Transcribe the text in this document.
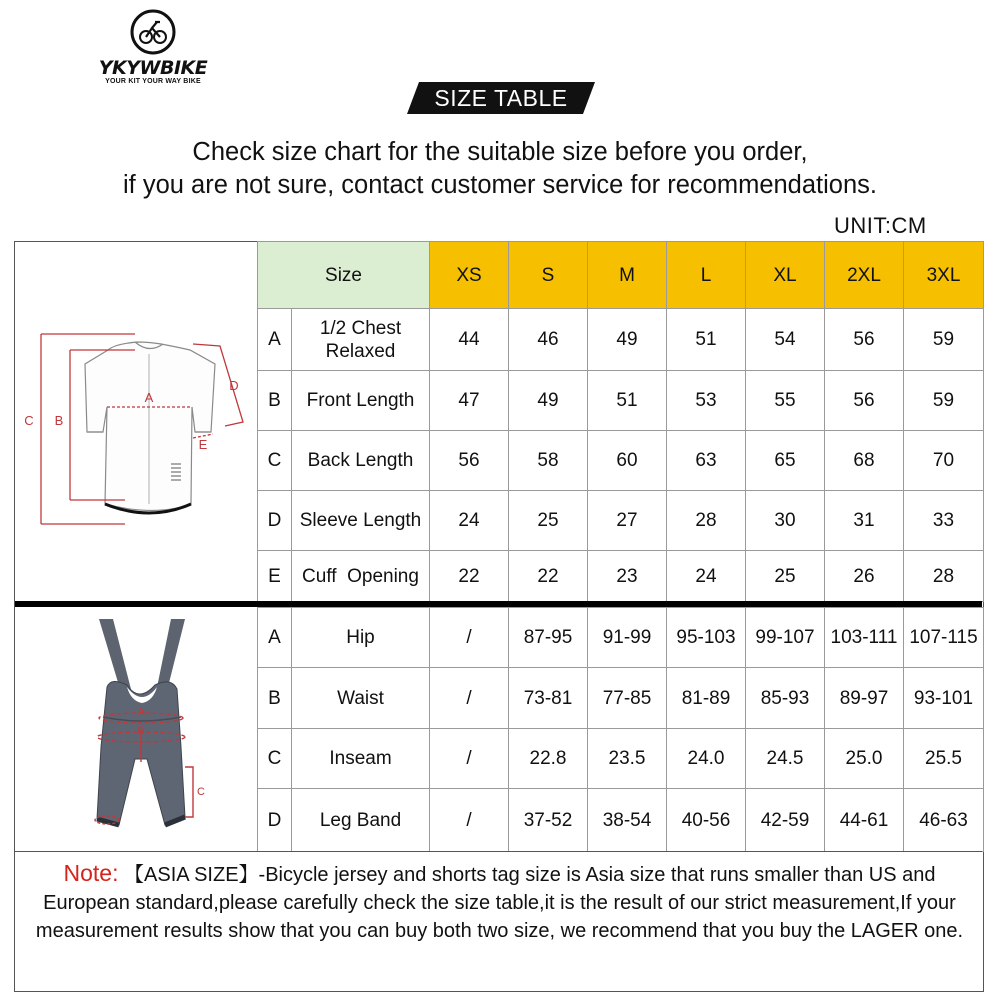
YKYWBIKE
YOUR KIT YOUR WAY BIKE
SIZE TABLE
Check size chart for the suitable size before you order,
if you are not sure, contact customer service for recommendations.
UNIT:CM
A
B
C
D
E
Size		XS	S	M	L	XL	2XL	3XL
A	1/2 Chest Relaxed	44	46	49	51	54	56	59
B	Front Length	47	49	51	53	55	56	59
C	Back Length	56	58	60	63	65	68	70
D	Sleeve Length	24	25	27	28	30	31	33
E	Cuff  Opening	22	22	23	24	25	26	28
A
B
C
A	Hip	/	87-95	91-99	95-103	99-107	103-111	107-115
B	Waist	/	73-81	77-85	81-89	85-93	89-97	93-101
C	Inseam	/	22.8	23.5	24.0	24.5	25.0	25.5
D	Leg Band	/	37-52	38-54	40-56	42-59	44-61	46-63
Note: 【ASIA SIZE】-Bicycle jersey and shorts tag size is Asia size that runs smaller than US and European standard,please carefully check the size table,it is the result of our strict measurement,If your measurement results show that you can buy both two size, we recommend that you buy the LAGER one.
